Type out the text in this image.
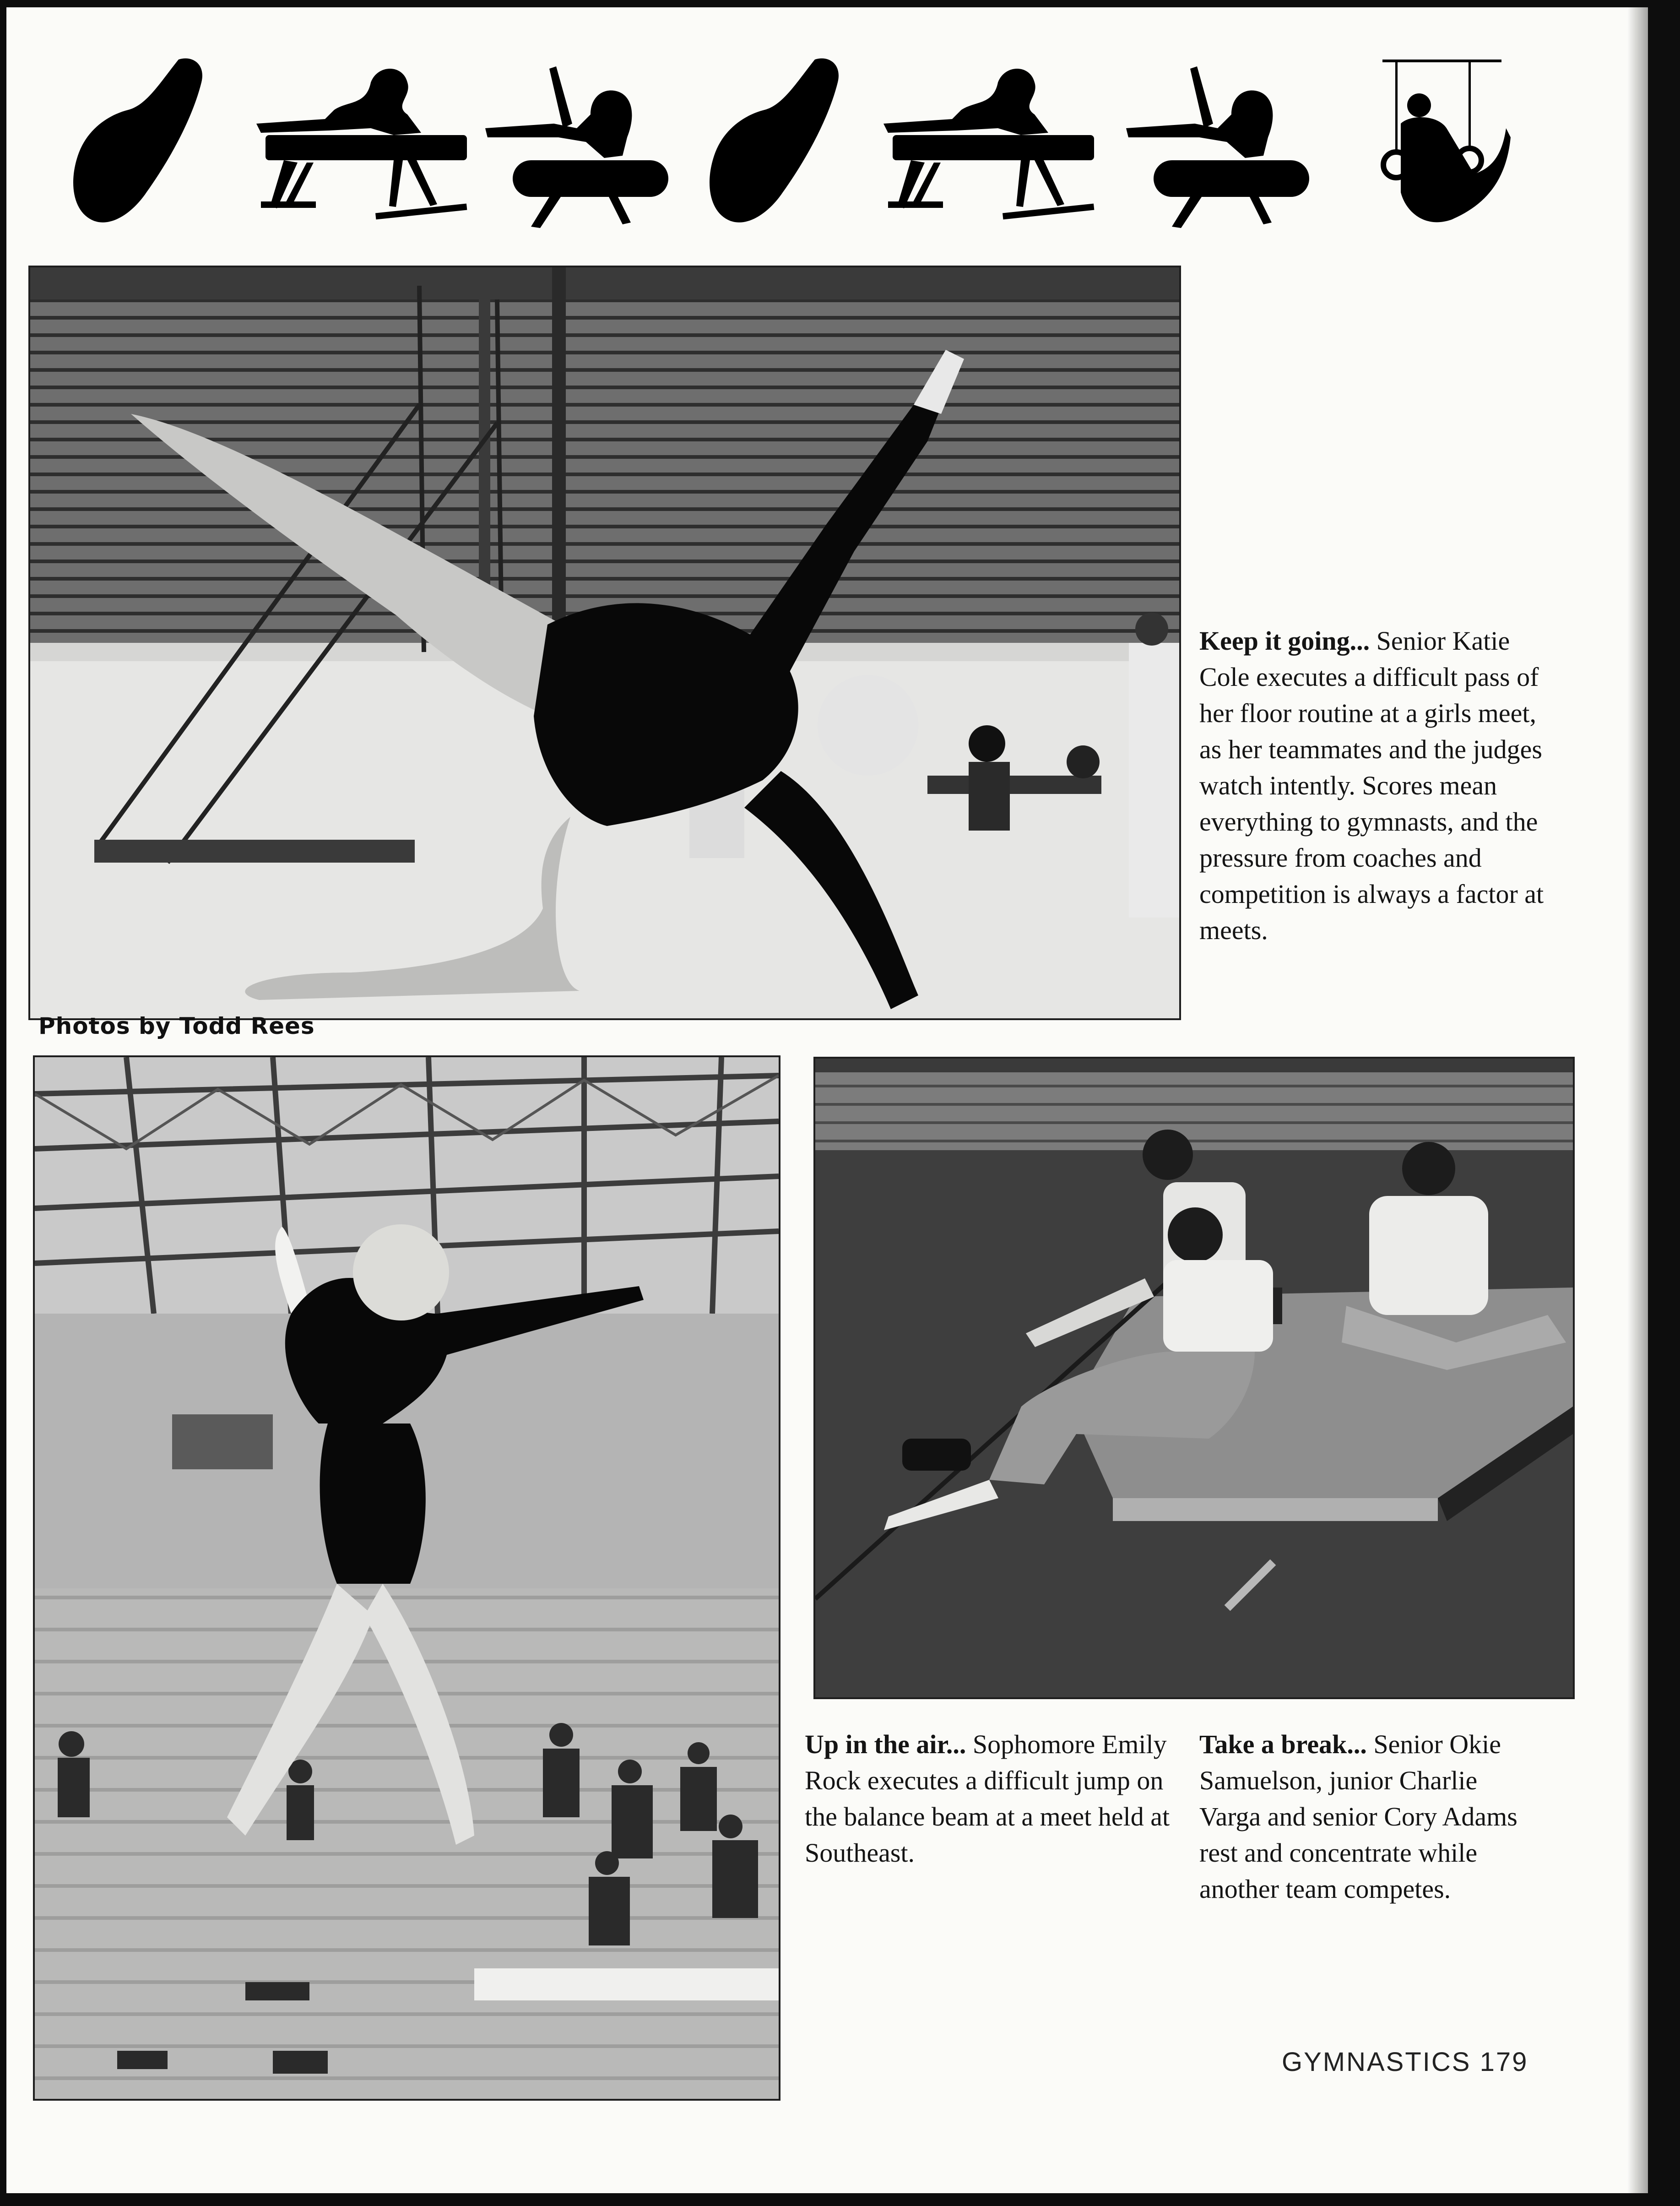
Keep it going... Senior Katie Cole executes a difficult pass of her floor routine at a girls meet, as her teammates and the judges watch intently. Scores mean everything to gymnasts, and the pressure from coaches and competition is always a factor at meets.
Photos by Todd Rees
Up in the air... Sophomore Emily Rock executes a difficult jump on the balance beam at a meet held at Southeast.
Take a break... Senior Okie Samuelson, junior Charlie Varga and senior Cory Adams rest and concentrate while another team competes.
GYMNASTICS 179
